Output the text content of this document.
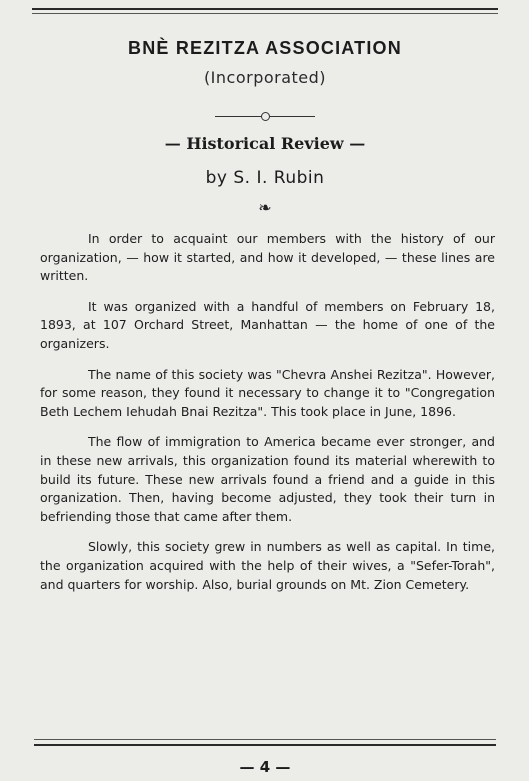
BNÈ REZITZA ASSOCIATION
(Incorporated)
— Historical Review —
by S. I. Rubin
❧

In order to acquaint our members with the history of our organization, — how it started, and how it developed, — these lines are written.

It was organized with a handful of members on February 18, 1893, at 107 Orchard Street, Manhattan — the home of one of the organizers.

The name of this society was "Chevra Anshei Rezitza". However, for some reason, they found it necessary to change it to "Congregation Beth Lechem Iehudah Bnai Rezitza". This took place in June, 1896.

The flow of immigration to America became ever stronger, and in these new arrivals, this organization found its material wherewith to build its future. These new arrivals found a friend and a guide in this organization. Then, having become adjusted, they took their turn in befriending those that came after them.

Slowly, this society grew in numbers as well as capital. In time, the organization acquired with the help of their wives, a "Sefer-Torah", and quarters for worship. Also, burial grounds on Mt. Zion Cemetery.

— 4 —
